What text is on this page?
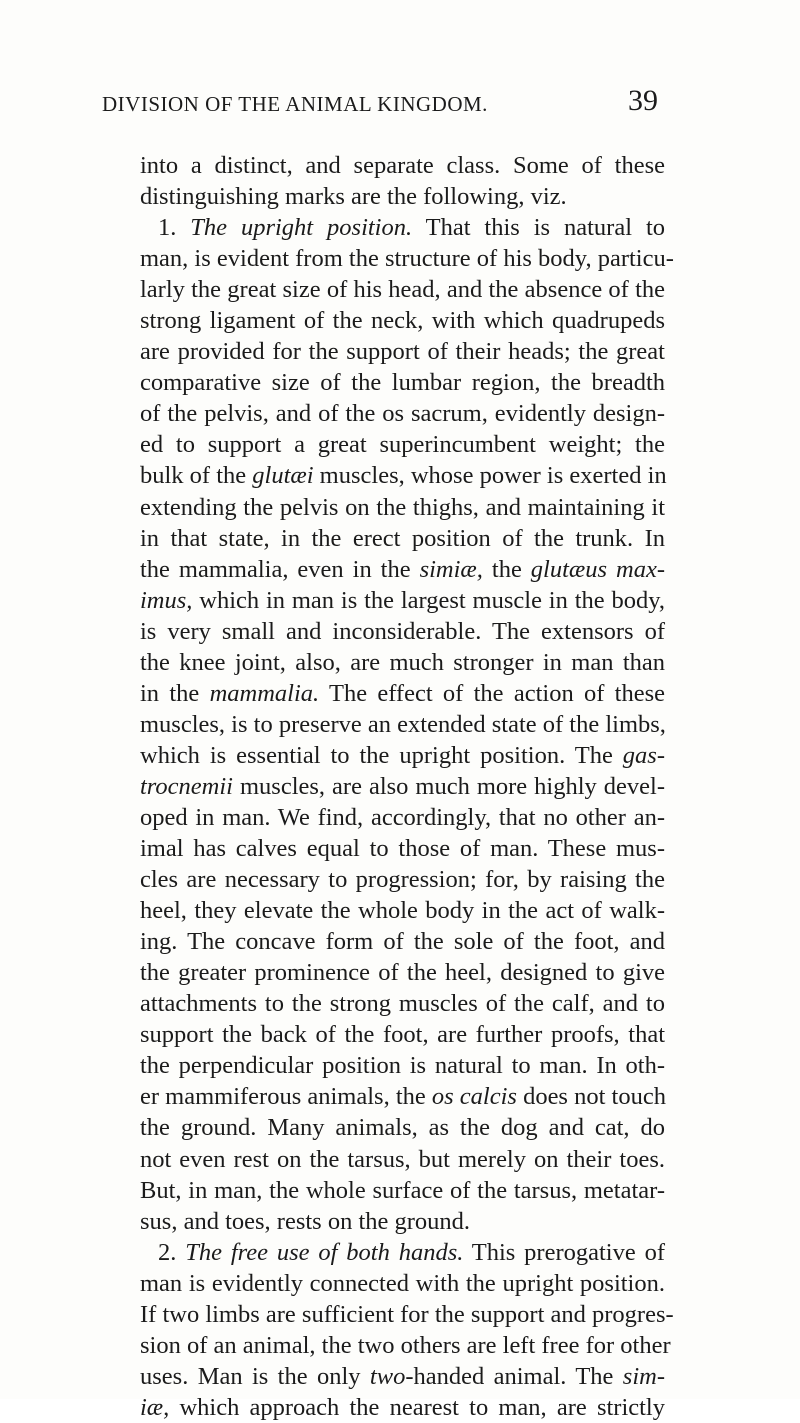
DIVISION OF THE ANIMAL KINGDOM.	39
into a distinct, and separate class. Some of these
distinguishing marks are the following, viz.
1. The upright position. That this is natural to
man, is evident from the structure of his body, particu-
larly the great size of his head, and the absence of the
strong ligament of the neck, with which quadrupeds
are provided for the support of their heads; the great
comparative size of the lumbar region, the breadth
of the pelvis, and of the os sacrum, evidently design-
ed to support a great superincumbent weight; the
bulk of the glutæi muscles, whose power is exerted in
extending the pelvis on the thighs, and maintaining it
in that state, in the erect position of the trunk. In
the mammalia, even in the simiæ, the glutæus max-
imus, which in man is the largest muscle in the body,
is very small and inconsiderable. The extensors of
the knee joint, also, are much stronger in man than
in the mammalia. The effect of the action of these
muscles, is to preserve an extended state of the limbs,
which is essential to the upright position. The gas-
trocnemii muscles, are also much more highly devel-
oped in man. We find, accordingly, that no other an-
imal has calves equal to those of man. These mus-
cles are necessary to progression; for, by raising the
heel, they elevate the whole body in the act of walk-
ing. The concave form of the sole of the foot, and
the greater prominence of the heel, designed to give
attachments to the strong muscles of the calf, and to
support the back of the foot, are further proofs, that
the perpendicular position is natural to man. In oth-
er mammiferous animals, the os calcis does not touch
the ground. Many animals, as the dog and cat, do
not even rest on the tarsus, but merely on their toes.
But, in man, the whole surface of the tarsus, metatar-
sus, and toes, rests on the ground.
2. The free use of both hands. This prerogative of
man is evidently connected with the upright position.
If two limbs are sufficient for the support and progres-
sion of an animal, the two others are left free for other
uses. Man is the only two-handed animal. The sim-
iæ, which approach the nearest to man, are strictly
